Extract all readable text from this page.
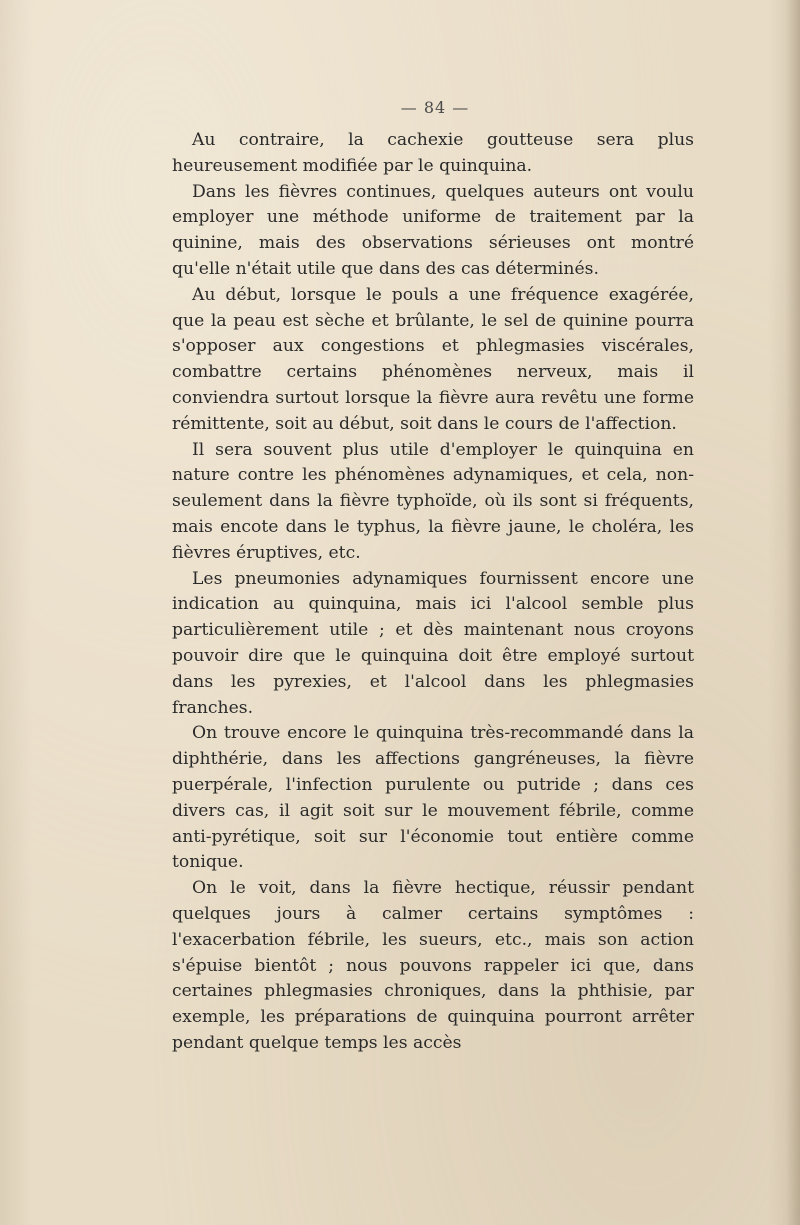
— 84 —

Au contraire, la cachexie goutteuse sera plus heureusement modifiée par le quinquina.

Dans les fièvres continues, quelques auteurs ont voulu employer une méthode uniforme de traitement par la quinine, mais des observations sérieuses ont montré qu'elle n'était utile que dans des cas déterminés.

Au début, lorsque le pouls a une fréquence exagérée, que la peau est sèche et brûlante, le sel de quinine pourra s'opposer aux congestions et phlegmasies viscérales, combattre certains phénomènes nerveux, mais il conviendra surtout lorsque la fièvre aura revêtu une forme rémittente, soit au début, soit dans le cours de l'affection.

Il sera souvent plus utile d'employer le quinquina en nature contre les phénomènes adynamiques, et cela, non-seulement dans la fièvre typhoïde, où ils sont si fréquents, mais encote dans le typhus, la fièvre jaune, le choléra, les fièvres éruptives, etc.

Les pneumonies adynamiques fournissent encore une indication au quinquina, mais ici l'alcool semble plus particulièrement utile ; et dès maintenant nous croyons pouvoir dire que le quinquina doit être employé surtout dans les pyrexies, et l'alcool dans les phlegmasies franches.

On trouve encore le quinquina très-recommandé dans la diphthérie, dans les affections gangréneuses, la fièvre puerpérale, l'infection purulente ou putride ; dans ces divers cas, il agit soit sur le mouvement fébrile, comme anti-pyrétique, soit sur l'économie tout entière comme tonique.

On le voit, dans la fièvre hectique, réussir pendant quelques jours à calmer certains symptômes : l'exacerbation fébrile, les sueurs, etc., mais son action s'épuise bientôt ; nous pouvons rappeler ici que, dans certaines phlegmasies chroniques, dans la phthisie, par exemple, les préparations de quinquina pourront arrêter pendant quelque temps les accès
